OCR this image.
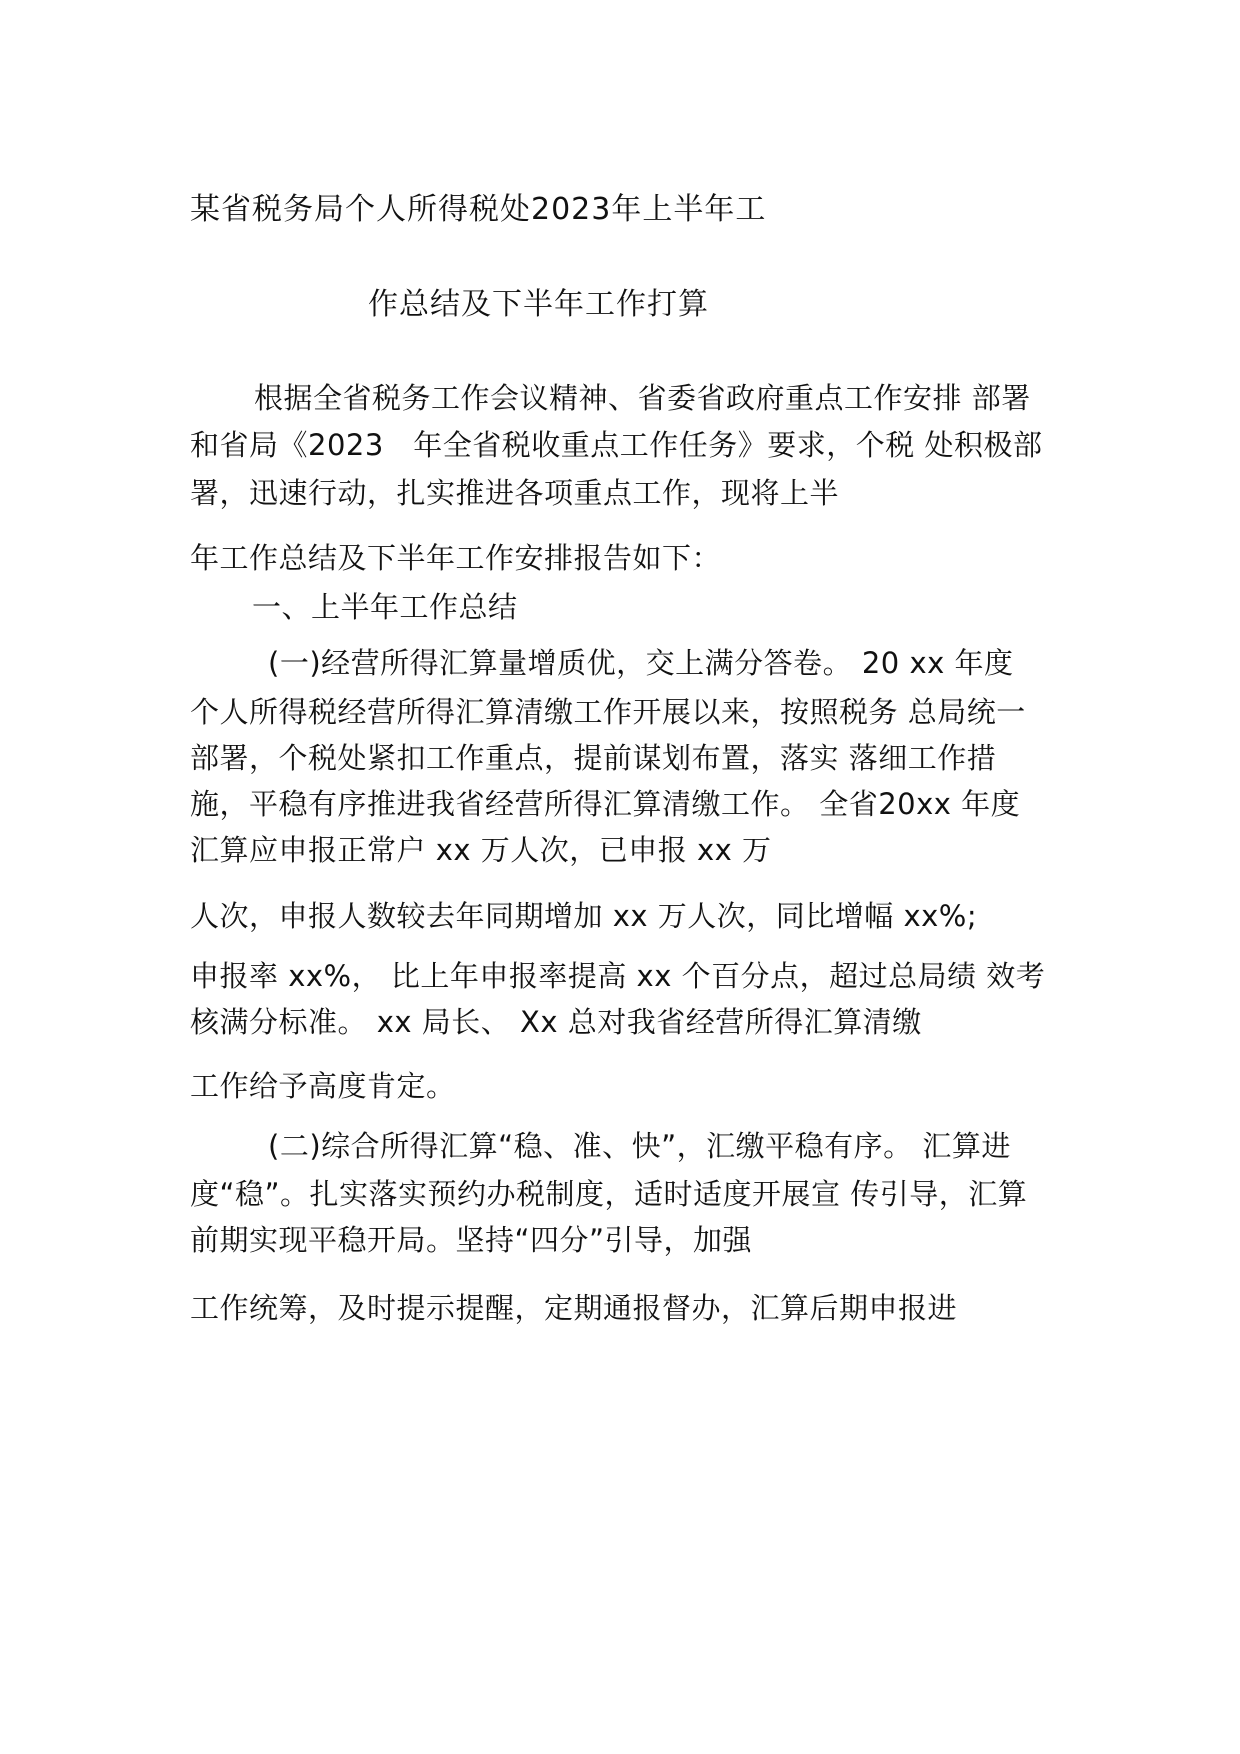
某省税务局个人所得税处2023年上半年工
作总结及下半年工作打算
根据全省税务工作会议精神、省委省政府重点工作安排 部署
和省局《2023　年全省税收重点工作任务》要求，个税 处积极部
署，迅速行动，扎实推进各项重点工作，现将上半
年工作总结及下半年工作安排报告如下：
一、上半年工作总结
(一)经营所得汇算量增质优，交上满分答卷。 20 xx 年度
个人所得税经营所得汇算清缴工作开展以来，按照税务 总局统一
部署，个税处紧扣工作重点，提前谋划布置，落实 落细工作措
施，平稳有序推进我省经营所得汇算清缴工作。 全省20xx 年度
汇算应申报正常户 xx 万人次，已申报 xx 万
人次，申报人数较去年同期增加 xx 万人次，同比增幅 xx%;
申报率 xx%， 比上年申报率提高 xx 个百分点，超过总局绩 效考
核满分标准。 xx 局长、 Xx 总对我省经营所得汇算清缴
工作给予高度肯定。
(二)综合所得汇算“稳、准、快”，汇缴平稳有序。 汇算进
度“稳”。扎实落实预约办税制度，适时适度开展宣 传引导，汇算
前期实现平稳开局。坚持“四分”引导，加强
工作统筹，及时提示提醒，定期通报督办，汇算后期申报进
